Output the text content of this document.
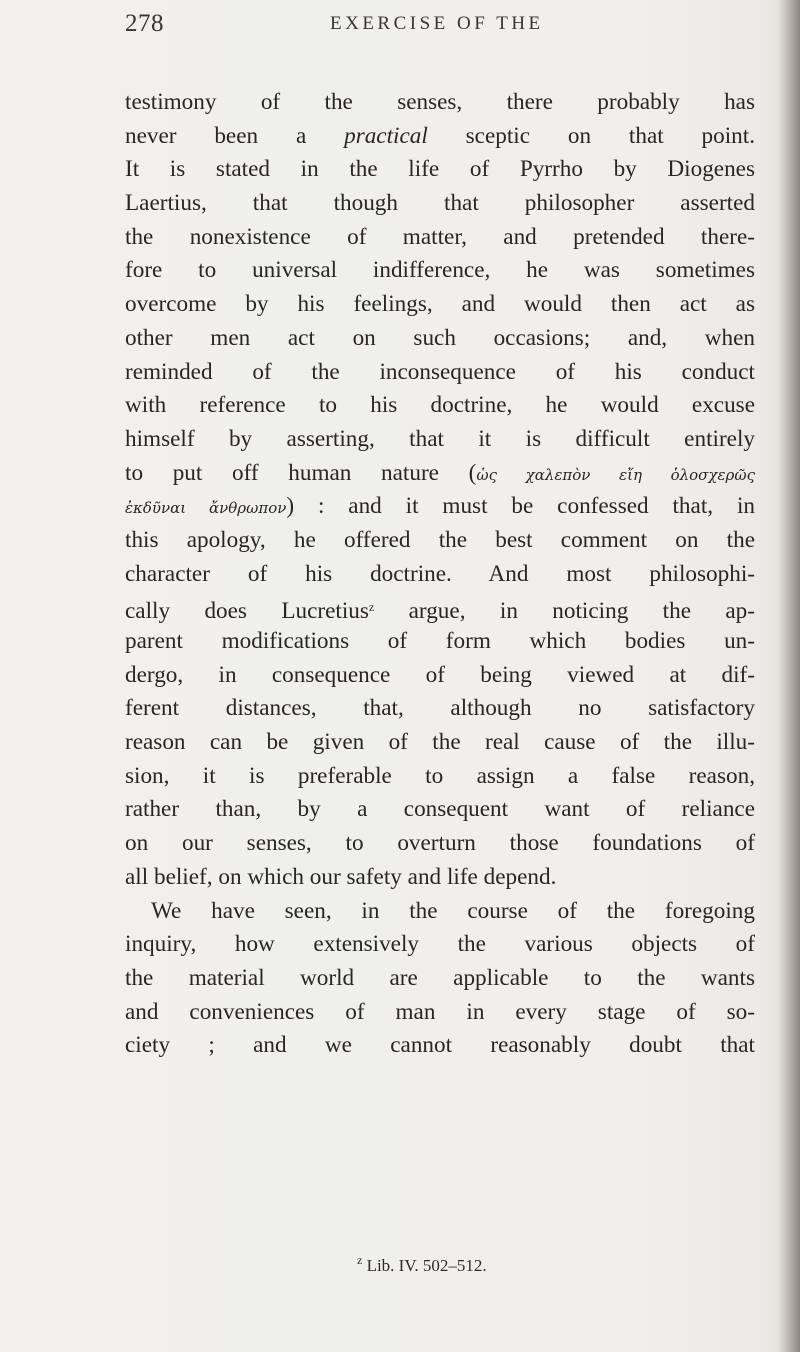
278	EXERCISE OF THE
testimony of the senses, there probably has
never been a practical sceptic on that point.
It is stated in the life of Pyrrho by Diogenes
Laertius, that though that philosopher asserted
the nonexistence of matter, and pretended there-
fore to universal indifference, he was sometimes
overcome by his feelings, and would then act as
other men act on such occasions; and, when
reminded of the inconsequence of his conduct
with reference to his doctrine, he would excuse
himself by asserting, that it is difficult entirely
to put off human nature (ὡς χαλεπὸν εἴη ὁλοσχερῶς
ἐκδῦναι ἄνθρωπον) : and it must be confessed that, in
this apology, he offered the best comment on the
character of his doctrine. And most philosophi-
cally does Lucretius$^z$ argue, in noticing the ap-
parent modifications of form which bodies un-
dergo, in consequence of being viewed at dif-
ferent distances, that, although no satisfactory
reason can be given of the real cause of the illu-
sion, it is preferable to assign a false reason,
rather than, by a consequent want of reliance
on our senses, to overturn those foundations of
all belief, on which our safety and life depend.
We have seen, in the course of the foregoing
inquiry, how extensively the various objects of
the material world are applicable to the wants
and conveniences of man in every stage of so-
ciety ; and we cannot reasonably doubt that
$^z$ Lib. IV. 502–512.
